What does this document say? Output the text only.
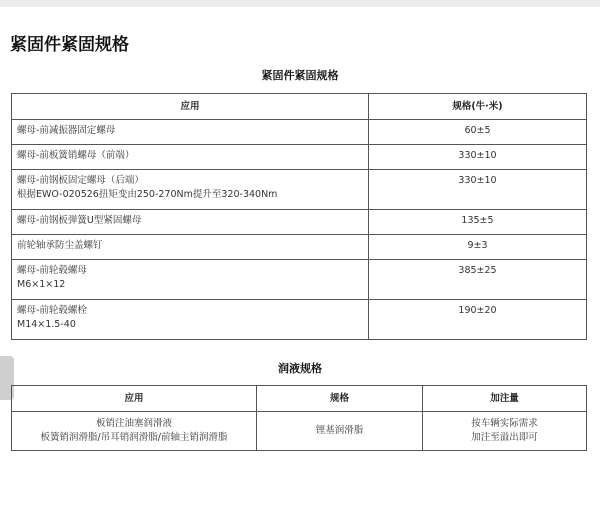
紧固件紧固规格
紧固件紧固规格
应用	规格(牛·米)

螺母-前减振器固定螺母	60±5

螺母-前板簧销螺母（前端）	330±10

螺母-前钢板固定螺母（后端）
根据EWO-020526扭矩变由250-270Nm提升至320-340Nm	330±10

螺母-前钢板弹簧U型紧固螺母	135±5

前轮轴承防尘盖螺钉	9±3

螺母-前轮毂螺母
M6×1×12	385±25

螺母-前轮毂螺栓
M14×1.5-40	190±20
润液规格
应用	规格	加注量

板销注油塞润滑液
板簧销润滑脂/吊耳销润滑脂/前轴主销润滑脂	锂基润滑脂	按车辆实际需求
加注至溢出即可
